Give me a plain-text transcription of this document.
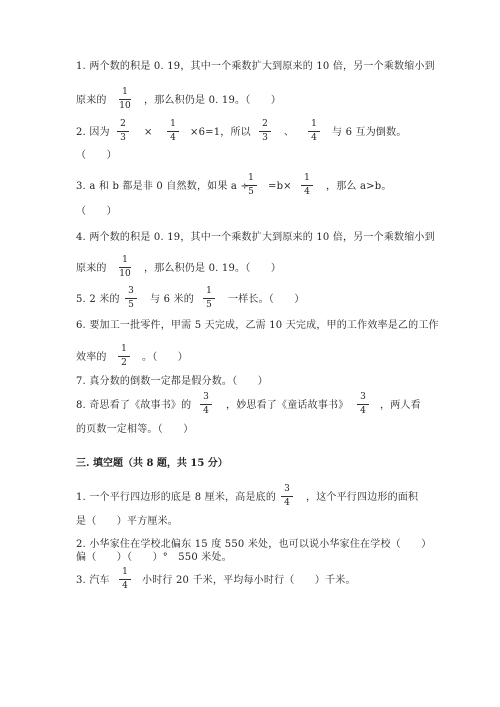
1. 两个数的积是 0. 19，其中一个乘数扩大到原来的 10 倍，另一个乘数缩小到
原来的
1
10 ，那么积仍是 0. 19。（　　）
2. 因为
2
3	×
1
4	×6=1，所以
2
3	、
1
4	与 6 互为倒数。
（　　）
3. a 和 b 都是非 0 自然数，如果 a ÷
1
5	=b×
1
4	，那么 a>b。
（　　）
4. 两个数的积是 0. 19，其中一个乘数扩大到原来的 10 倍，另一个乘数缩小到
原来的
1
10 ，那么积仍是 0. 19。（　　）
5. 2 米的
3
5	与 6 米的
1
5	一样长。（　　）
6. 要加工一批零件，甲需 5 天完成，乙需 10 天完成，甲的工作效率是乙的工作
效率的
1
2	。（　　）
7. 真分数的倒数一定都是假分数。（　　）
8. 奇思看了《故事书》的
3
4	，妙思看了《童话故事书》
3
4	，两人看
的页数一定相等。（　　）
三. 填空题（共 8 题，共 15 分）
1. 一个平行四边形的底是 8 厘米，高是底的
3
4	，这个平行四边形的面积
是（　　）平方厘米。
2. 小华家住在学校北偏东 15 度 550 米处，也可以说小华家住在学校（　　）
偏（　　）（　　）°　550 米处。
3. 汽车
1
4	小时行 20 千米，平均每小时行（　　）千米。
